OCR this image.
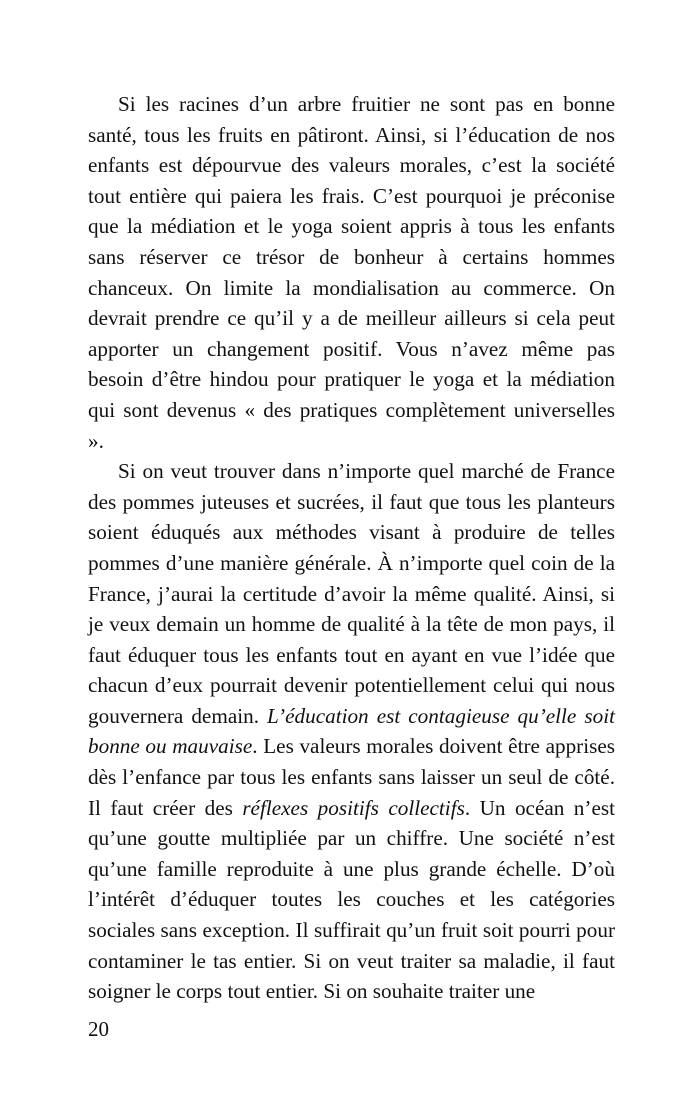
Si les racines d’un arbre fruitier ne sont pas en bonne santé, tous les fruits en pâtiront. Ainsi, si l’éducation de nos enfants est dépourvue des valeurs morales, c’est la société tout entière qui paiera les frais. C’est pourquoi je préconise que la médiation et le yoga soient appris à tous les enfants sans réserver ce trésor de bonheur à certains hommes chanceux. On limite la mondialisation au commerce. On devrait prendre ce qu’il y a de meilleur ailleurs si cela peut apporter un changement positif. Vous n’avez même pas besoin d’être hindou pour pratiquer le yoga et la médiation qui sont devenus « des pratiques complètement universelles ».

Si on veut trouver dans n’importe quel marché de France des pommes juteuses et sucrées, il faut que tous les planteurs soient éduqués aux méthodes visant à produire de telles pommes d’une manière générale. À n’importe quel coin de la France, j’aurai la certitude d’avoir la même qualité. Ainsi, si je veux demain un homme de qualité à la tête de mon pays, il faut éduquer tous les enfants tout en ayant en vue l’idée que chacun d’eux pourrait devenir potentiellement celui qui nous gouvernera demain. L’éducation est contagieuse qu’elle soit bonne ou mauvaise. Les valeurs morales doivent être apprises dès l’enfance par tous les enfants sans laisser un seul de côté. Il faut créer des réflexes positifs collectifs. Un océan n’est qu’une goutte multipliée par un chiffre. Une société n’est qu’une famille reproduite à une plus grande échelle. D’où l’intérêt d’éduquer toutes les couches et les catégories sociales sans exception. Il suffirait qu’un fruit soit pourri pour contaminer le tas entier. Si on veut traiter sa maladie, il faut soigner le corps tout entier. Si on souhaite traiter une

20
